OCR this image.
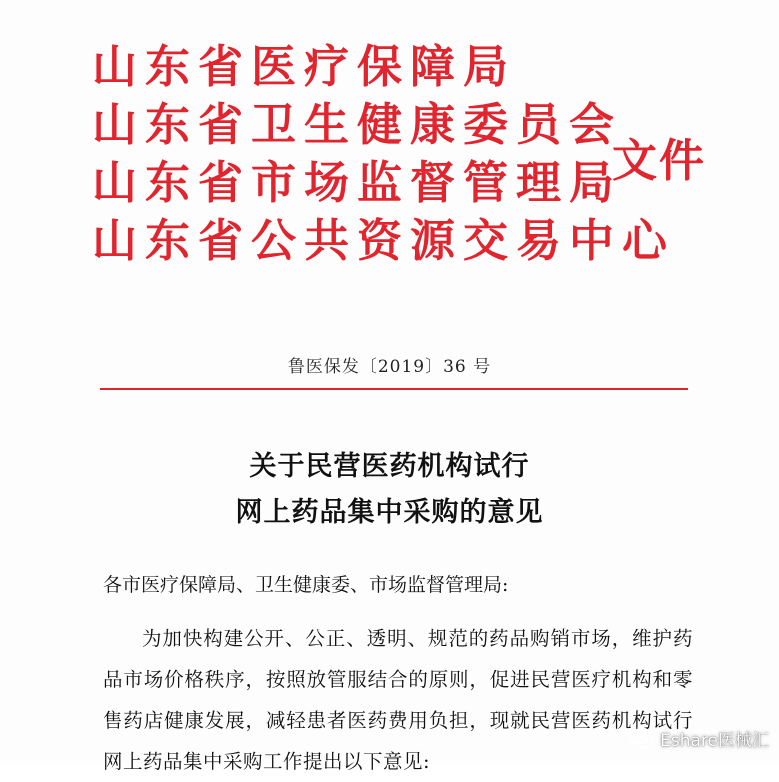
山东省医疗保障局
山东省卫生健康委员会
山东省市场监督管理局
山东省公共资源交易中心
文件
鲁医保发〔2019〕36 号
关于民营医药机构试行
网上药品集中采购的意见
各市医疗保障局、卫生健康委、市场监督管理局:
为加快构建公开、公正、透明、规范的药品购销市场，维护药品市场价格秩序，按照放管服结合的原则，促进民营医疗机构和零售药店健康发展，减轻患者医药费用负担，现就民营医药机构试行网上药品集中采购工作提出以下意见:
Eshare医械汇
